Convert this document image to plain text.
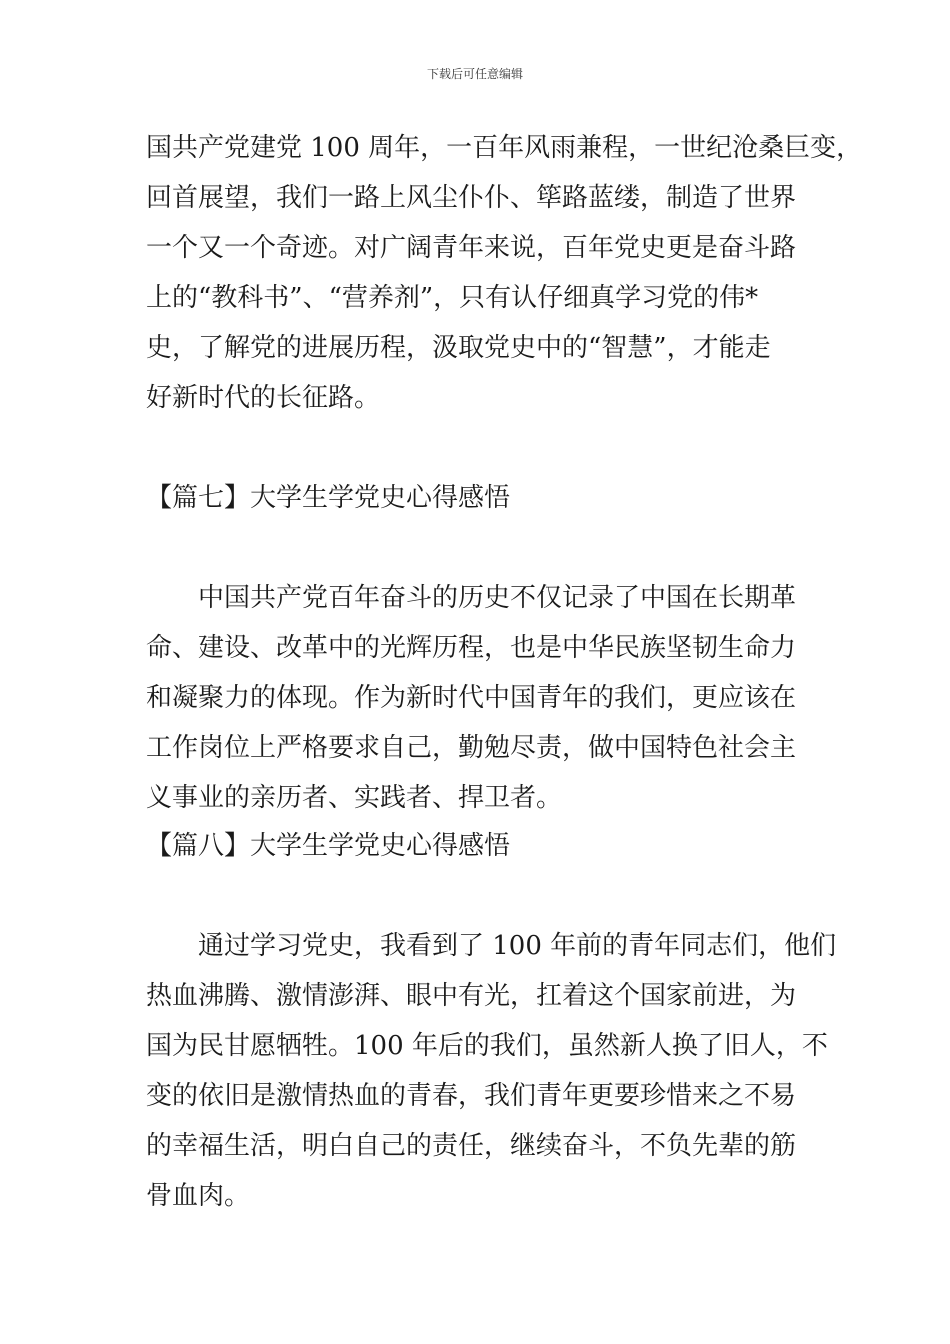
下载后可任意编辑
国共产党建党 100 周年，一百年风雨兼程，一世纪沧桑巨变，
回首展望，我们一路上风尘仆仆、筚路蓝缕，制造了世界
一个又一个奇迹。对广阔青年来说，百年党史更是奋斗路
上的“教科书”、“营养剂”，只有认仔细真学习党的伟*
史，了解党的进展历程，汲取党史中的“智慧”，才能走
好新时代的长征路。
【篇七】大学生学党史心得感悟
中国共产党百年奋斗的历史不仅记录了中国在长期革
命、建设、改革中的光辉历程，也是中华民族坚韧生命力
和凝聚力的体现。作为新时代中国青年的我们，更应该在
工作岗位上严格要求自己，勤勉尽责，做中国特色社会主
义事业的亲历者、实践者、捍卫者。
【篇八】大学生学党史心得感悟
通过学习党史，我看到了 100 年前的青年同志们，他们
热血沸腾、激情澎湃、眼中有光，扛着这个国家前进，为
国为民甘愿牺牲。100 年后的我们，虽然新人换了旧人，不
变的依旧是激情热血的青春，我们青年更要珍惜来之不易
的幸福生活，明白自己的责任，继续奋斗，不负先辈的筋
骨血肉。
